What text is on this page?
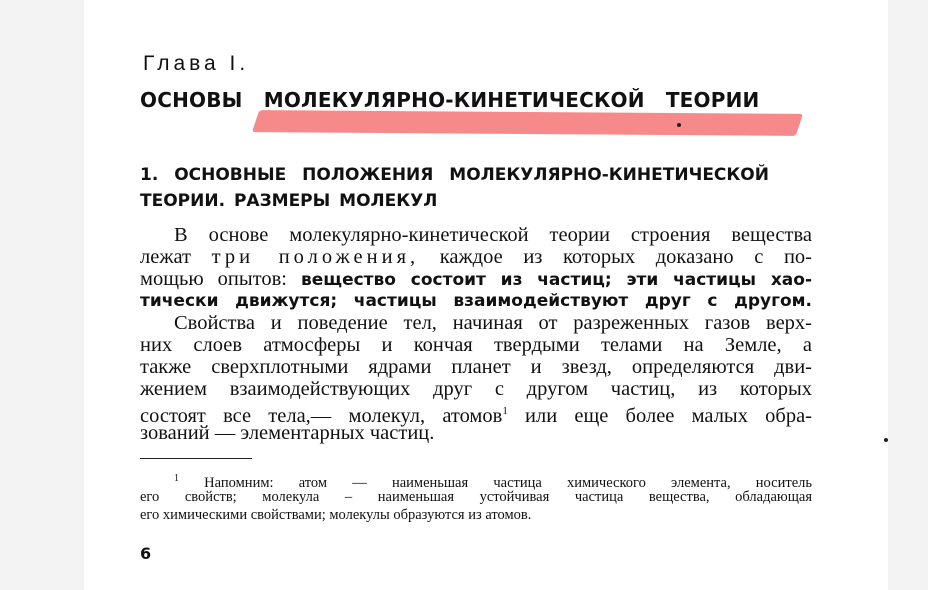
Глава I.
ОСНОВЫ МОЛЕКУЛЯРНО-КИНЕТИЧЕСКОЙ ТЕОРИИ
1. ОСНОВНЫЕ ПОЛОЖЕНИЯ МОЛЕКУЛЯРНО-КИНЕТИЧЕСКОЙ
ТЕОРИИ. РАЗМЕРЫ МОЛЕКУЛ
В основе молекулярно-кинетической теории строения вещества
лежат три положения, каждое из которых доказано с по-
мощью опытов: вещество состоит из частиц; эти частицы хао-
тически движутся; частицы взаимодействуют друг с другом.
Свойства и поведение тел, начиная от разреженных газов верх-
них слоев атмосферы и кончая твердыми телами на Земле, а
также сверхплотными ядрами планет и звезд, определяются дви-
жением взаимодействующих друг с другом частиц, из которых
состоят все тела,— молекул, атомов$^1$ или еще более малых обра-
зований — элементарных частиц.
$^1$ Напомним: атом — наименьшая частица химического элемента, носитель
его свойств; молекула – наименьшая устойчивая частица вещества, обладающая
его химическими свойствами; молекулы образуются из атомов.
6
